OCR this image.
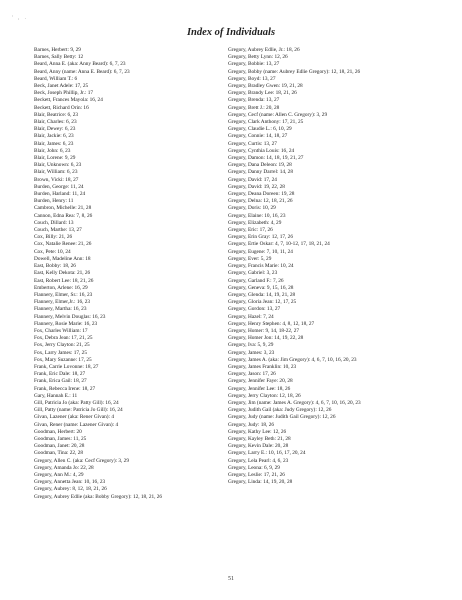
' , .
Index of Individuals
Barnes, Herbert: 9, 29
Barnes, Sally Betty: 12
Beard, Anna E. (aka: Anny Beard): 6, 7, 23
Beard, Anny (name: Anna E. Beard): 6, 7, 23
Beard, William T.: 6
Beck, Janet Adele: 17, 25
Beck, Joseph Phillip, Jr.: 17
Beckett, Frances Mayola: 16, 24
Beckett, Richard Orin: 16
Blair, Beatrice: 6, 23
Blair, Charles: 6, 23
Blair, Dewey: 6, 23
Blair, Jackie: 6, 23
Blair, James: 6, 23
Blair, John: 6, 23
Blair, Lorene: 9, 29
Blair, Unknown: 6, 23
Blair, William: 6, 23
Brown, Vicki: 18, 27
Burden, George: 11, 24
Burden, Harland: 11, 24
Burden, Henry: 11
Cambron, Michelle: 21, 28
Cannon, Edna Rea: 7, 8, 26
Couch, Dillard: 13
Couch, Marthe: 13, 27
Cox, Billy: 21, 26
Cox, Natalie Renee: 21, 26
Cox, Pete: 10, 24
Dowell, Madeline Ann: 18
East, Bobby: 18, 26
East, Kelly Dekota: 21, 26
East, Robert Lee: 18, 21, 26
Emberton, Arlene: 16, 29
Flannery, Elmer, Sr.: 16, 23
Flannery, Elmer,Jr.: 16, 23
Flannery, Martha: 16, 23
Flannery, Melvin Douglas: 16, 23
Flannery, Rosie Marie: 16, 23
Fox, Charles William: 17
Fox, Debra Jean: 17, 21, 25
Fox, Jerry Clayton: 21, 25
Fox, Larry James: 17, 25
Fox, Mary Suzanne: 17, 25
Frank, Carrie Lovonne: 18, 27
Frank, Eric Dale: 18, 27
Frank, Erica Gail: 18, 27
Frank, Rebecca Irene: 18, 27
Gary, Hannah E.: 11
Gill, Patricia Jo (aka: Patty Gill): 16, 24
Gill, Patty (name: Patricia Jo Gill): 16, 24
Givan, Lazener (aka: Rener Givan): 4
Givan, Rener (name: Lazener Givan): 4
Goodman, Herbert: 20
Goodman, James: 11, 25
Goodman, Janet: 20, 28
Goodman, Tina: 22, 28
Gregory, Allen C. (aka: Cecf Gregory): 3, 29
Gregory, Amanda Jo: 22, 28
Gregory, Ann M.: 4, 29
Gregory, Annetta Jean: 10, 16, 23
Gregory, Aubrey: 8, 12, 18, 21, 26
Gregory, Aubrey Edlie (aka: Bobby Gregory): 12, 18, 21, 26
Gregory, Aubrey Edlie, Jr.: 18, 26
Gregory, Betty Lynn: 12, 26
Gregory, Bobbie: 13, 27
Gregory, Bobby (name: Aubrey Edlie Gregory): 12, 18, 21, 26
Gregory, Boyd: 13, 27
Gregory, Bradley Gwen: 19, 21, 28
Gregory, Brandy Lee: 18, 21, 26
Gregory, Brenda: 13, 27
Gregory, Brett J.: 20, 28
Gregory, Cecf (name: Allen C. Gregory): 3, 29
Gregory, Clark Anthony: 17, 21, 25
Gregory, Claudie L.: 6, 10, 29
Gregory, Connie: 14, 18, 27
Gregory, Curtis: 13, 27
Gregory, Cynthia Louis: 16, 24
Gregory, Damon: 14, 18, 19, 21, 27
Gregory, Dana Deleon: 19, 28
Gregory, Danny Darrel: 14, 28
Gregory, David: 17, 24
Gregory, David: 19, 22, 28
Gregory, Deana Doreen: 19, 28
Gregory, Delna: 12, 18, 21, 26
Gregory, Doris: 10, 29
Gregory, Elaine: 10, 16, 23
Gregory, Elizabeth: 4, 29
Gregory, Eric: 17, 26
Gregory, Erin Gray: 12, 17, 26
Gregory, Ertie Oskar: 4, 7, 10-12, 17, 18, 21, 24
Gregory, Eugene: 7, 10, 11, 24
Gregory, Ever: 5, 29
Gregory, Francis Marie: 10, 24
Gregory, Gabriel: 3, 23
Gregory, Garland F.: 7, 26
Gregory, Geneva: 9, 15, 16, 28
Gregory, Glenda: 14, 19, 21, 28
Gregory, Gloria Jean: 12, 17, 25
Gregory, Gordon: 13, 27
Gregory, Hazel: 7, 24
Gregory, Henry Stephen: 4, 8, 12, 18, 27
Gregory, Homer: 9, 14, 18-22, 27
Gregory, Homer Jon: 14, 19, 22, 28
Gregory, Iva: 5, 9, 29
Gregory, James: 3, 23
Gregory, James A. (aka: Jim Gregory): 4, 6, 7, 10, 16, 20, 23
Gregory, James Franklin: 10, 23
Gregory, Jason: 17, 26
Gregory, Jennifer Faye: 20, 28
Gregory, Jennifer Lee: 18, 26
Gregory, Jerry Clayton: 12, 18, 26
Gregory, Jim (name: James A. Gregory): 4, 6, 7, 10, 16, 20, 23
Gregory, Judith Gail (aka: Judy Gregory): 12, 26
Gregory, Judy (name: Judith Gail Gregory): 12, 26
Gregory, Judy: 18, 26
Gregory, Kathy Lee: 12, 26
Gregory, Kayley Beth: 21, 28
Gregory, Kevin Dale: 20, 28
Gregory, Larry E.: 10, 16, 17, 20, 24
Gregory, Lela Pearl: 4, 6, 23
Gregory, Leona: 6, 9, 29
Gregory, Leslie: 17, 21, 26
Gregory, Linda: 14, 19, 20, 28
51
